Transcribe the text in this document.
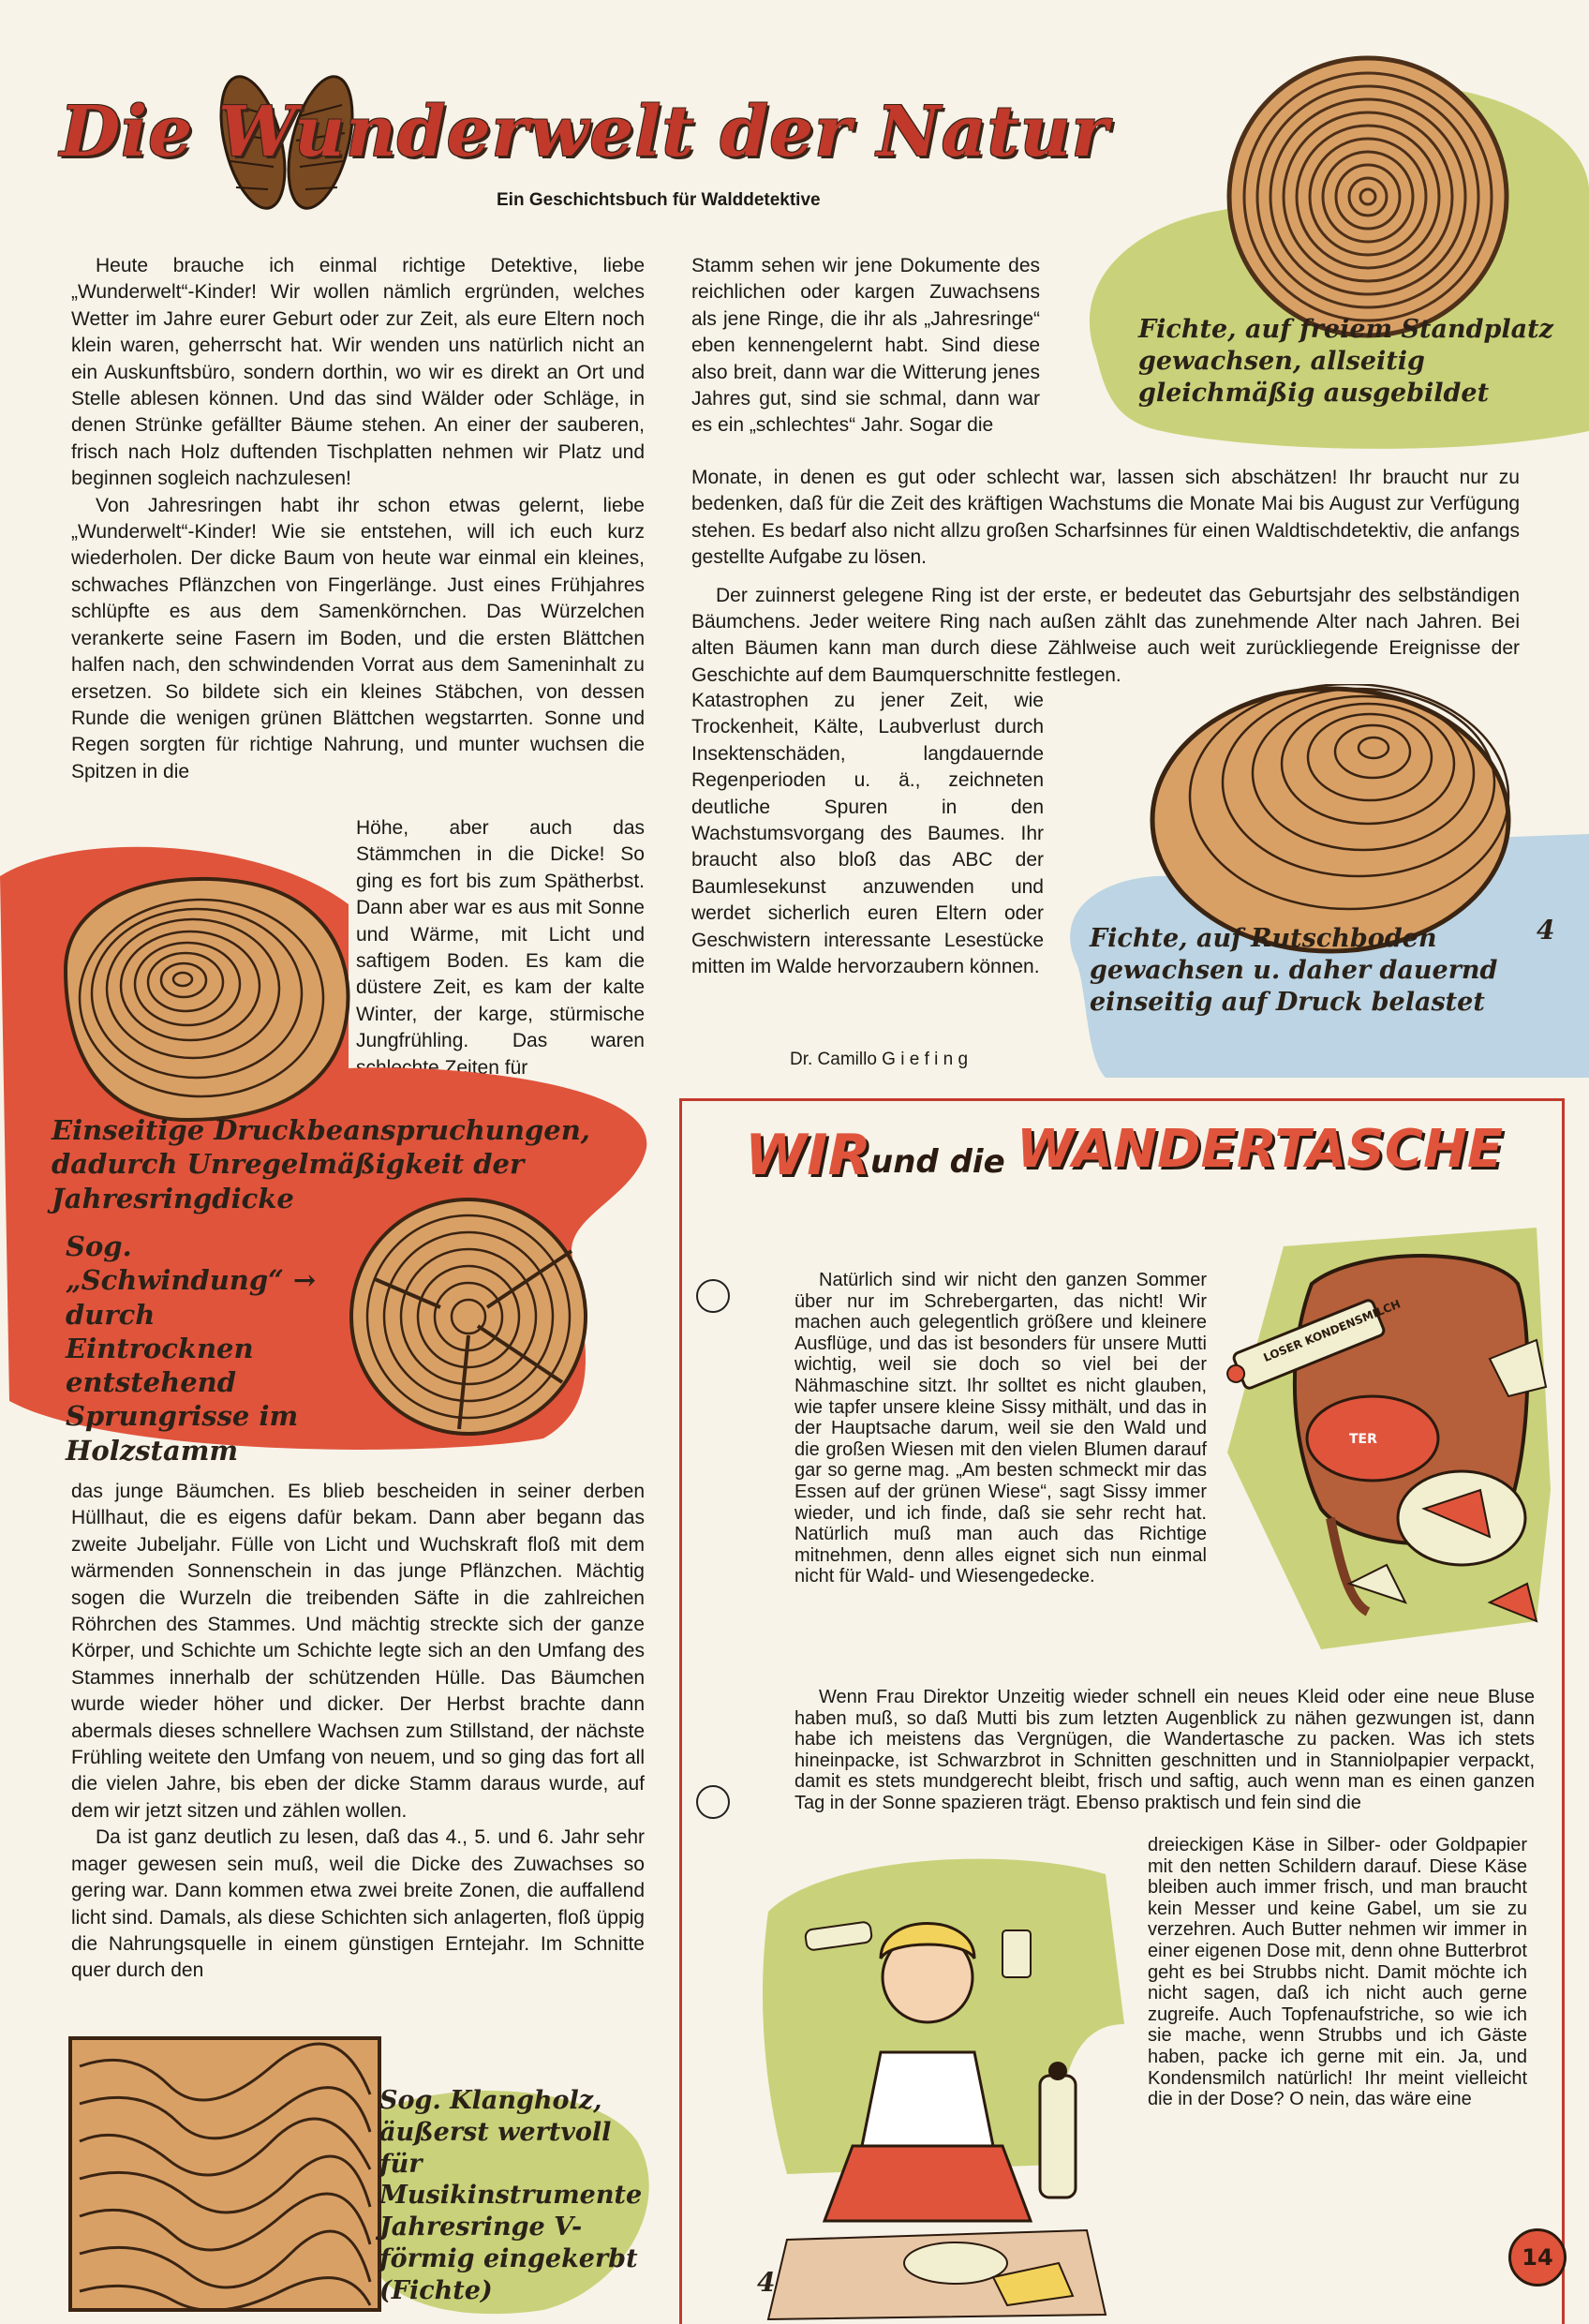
Die Wunderwelt der Natur
Ein Geschichtsbuch für Walddetektive
Fichte, auf freiem Standplatz gewachsen, allseitig gleichmäßig ausgebildet

Heute brauche ich einmal richtige Detektive, liebe „Wunderwelt“-Kinder! Wir wollen nämlich ergründen, welches Wetter im Jahre eurer Geburt oder zur Zeit, als eure Eltern noch klein waren, geherrscht hat. Wir wenden uns natürlich nicht an ein Auskunftsbüro, sondern dorthin, wo wir es direkt an Ort und Stelle ablesen können. Und das sind Wälder oder Schläge, in denen Strünke gefällter Bäume stehen. An einer der sauberen, frisch nach Holz duftenden Tischplatten nehmen wir Platz und beginnen sogleich nachzulesen!

Von Jahresringen habt ihr schon etwas gelernt, liebe „Wunderwelt“-Kinder! Wie sie entstehen, will ich euch kurz wiederholen. Der dicke Baum von heute war einmal ein kleines, schwaches Pflänzchen von Fingerlänge. Just eines Frühjahres schlüpfte es aus dem Samenkörnchen. Das Würzelchen verankerte seine Fasern im Boden, und die ersten Blättchen halfen nach, den schwindenden Vorrat aus dem Sameninhalt zu ersetzen. So bildete sich ein kleines Stäbchen, von dessen Runde die wenigen grünen Blättchen wegstarrten. Sonne und Regen sorgten für richtige Nahrung, und munter wuchsen die Spitzen in die

Höhe, aber auch das Stämmchen in die Dicke! So ging es fort bis zum Spätherbst. Dann aber war es aus mit Sonne und Wärme, mit Licht und saftigem Boden. Es kam die düstere Zeit, es kam der kalte Winter, der karge, stürmische Jungfrühling. Das waren schlechte Zeiten für

Einseitige Druckbeanspruchungen, dadurch Unregelmäßigkeit der Jahresringdicke
Sog. „Schwindung“ → durch Eintrocknen entstehend Sprungrisse im Holzstamm

das junge Bäumchen. Es blieb bescheiden in seiner derben Hüllhaut, die es eigens dafür bekam. Dann aber begann das zweite Jubeljahr. Fülle von Licht und Wuchskraft floß mit dem wärmenden Sonnenschein in das junge Pflänzchen. Mächtig sogen die Wurzeln die treibenden Säfte in die zahlreichen Röhrchen des Stammes. Und mächtig streckte sich der ganze Körper, und Schichte um Schichte legte sich an den Umfang des Stammes innerhalb der schützenden Hülle. Das Bäumchen wurde wieder höher und dicker. Der Herbst brachte dann abermals dieses schnellere Wachsen zum Stillstand, der nächste Frühling weitete den Umfang von neuem, und so ging das fort all die vielen Jahre, bis eben der dicke Stamm daraus wurde, auf dem wir jetzt sitzen und zählen wollen.

Da ist ganz deutlich zu lesen, daß das 4., 5. und 6. Jahr sehr mager gewesen sein muß, weil die Dicke des Zuwachses so gering war. Dann kommen etwa zwei breite Zonen, die auffallend licht sind. Damals, als diese Schichten sich anlagerten, floß üppig die Nahrungsquelle in einem günstigen Erntejahr. Im Schnitte quer durch den

Sog. Klangholz, äußerst wertvoll für Musikinstrumente Jahresringe V-förmig eingekerbt (Fichte)

Stamm sehen wir jene Dokumente des reichlichen oder kargen Zuwachsens als jene Ringe, die ihr als „Jahresringe“ eben kennengelernt habt. Sind diese also breit, dann war die Witterung jenes Jahres gut, sind sie schmal, dann war es ein „schlechtes“ Jahr. Sogar die

Monate, in denen es gut oder schlecht war, lassen sich abschätzen! Ihr braucht nur zu bedenken, daß für die Zeit des kräftigen Wachstums die Monate Mai bis August zur Verfügung stehen. Es bedarf also nicht allzu großen Scharfsinnes für einen Waldtischdetektiv, die anfangs gestellte Aufgabe zu lösen.

Der zuinnerst gelegene Ring ist der erste, er bedeutet das Geburtsjahr des selbständigen Bäumchens. Jeder weitere Ring nach außen zählt das zunehmende Alter nach Jahren. Bei alten Bäumen kann man durch diese Zählweise auch weit zurückliegende Ereignisse der Geschichte auf dem Baumquerschnitte festlegen.

Katastrophen zu jener Zeit, wie Trockenheit, Kälte, Laubverlust durch Insektenschäden, langdauernde Regenperioden u. ä., zeichneten deutliche Spuren in den Wachstumsvorgang des Baumes. Ihr braucht also bloß das ABC der Baumlesekunst anzuwenden und werdet sicherlich euren Eltern oder Geschwistern interessante Lesestücke mitten im Walde hervorzaubern können.

Dr. Camillo G i e f i n g
Fichte, auf Rutschboden gewachsen u. daher dauernd einseitig auf Druck belastet
4
WIR und die WANDERTASCHE
LOSER KONDENSMILCH
TER

Natürlich sind wir nicht den ganzen Sommer über nur im Schrebergarten, das nicht! Wir machen auch gelegentlich größere und kleinere Ausflüge, und das ist besonders für unsere Mutti wichtig, weil sie doch so viel bei der Nähmaschine sitzt. Ihr solltet es nicht glauben, wie tapfer unsere kleine Sissy mithält, und das in der Hauptsache darum, weil sie den Wald und die großen Wiesen mit den vielen Blumen darauf gar so gerne mag. „Am besten schmeckt mir das Essen auf der grünen Wiese“, sagt Sissy immer wieder, und ich finde, daß sie sehr recht hat. Natürlich muß man auch das Richtige mitnehmen, denn alles eignet sich nun einmal nicht für Wald- und Wiesengedecke.

Wenn Frau Direktor Unzeitig wieder schnell ein neues Kleid oder eine neue Bluse haben muß, so daß Mutti bis zum letzten Augenblick zu nähen gezwungen ist, dann habe ich meistens das Vergnügen, die Wandertasche zu packen. Was ich stets hineinpacke, ist Schwarzbrot in Schnitten geschnitten und in Stanniolpapier verpackt, damit es stets mundgerecht bleibt, frisch und saftig, auch wenn man es einen ganzen Tag in der Sonne spazieren trägt. Ebenso praktisch und fein sind die

dreieckigen Käse in Silber- oder Goldpapier mit den netten Schildern darauf. Diese Käse bleiben auch immer frisch, und man braucht kein Messer und keine Gabel, um sie zu verzehren. Auch Butter nehmen wir immer in einer eigenen Dose mit, denn ohne Butterbrot geht es bei Strubbs nicht. Damit möchte ich nicht sagen, daß ich nicht auch gerne zugreife. Auch Topfenaufstriche, so wie ich sie mache, wenn Strubbs und ich Gäste haben, packe ich gerne mit ein. Ja, und Kondensmilch natürlich! Ihr meint vielleicht die in der Dose? O nein, das wäre eine

4
14
